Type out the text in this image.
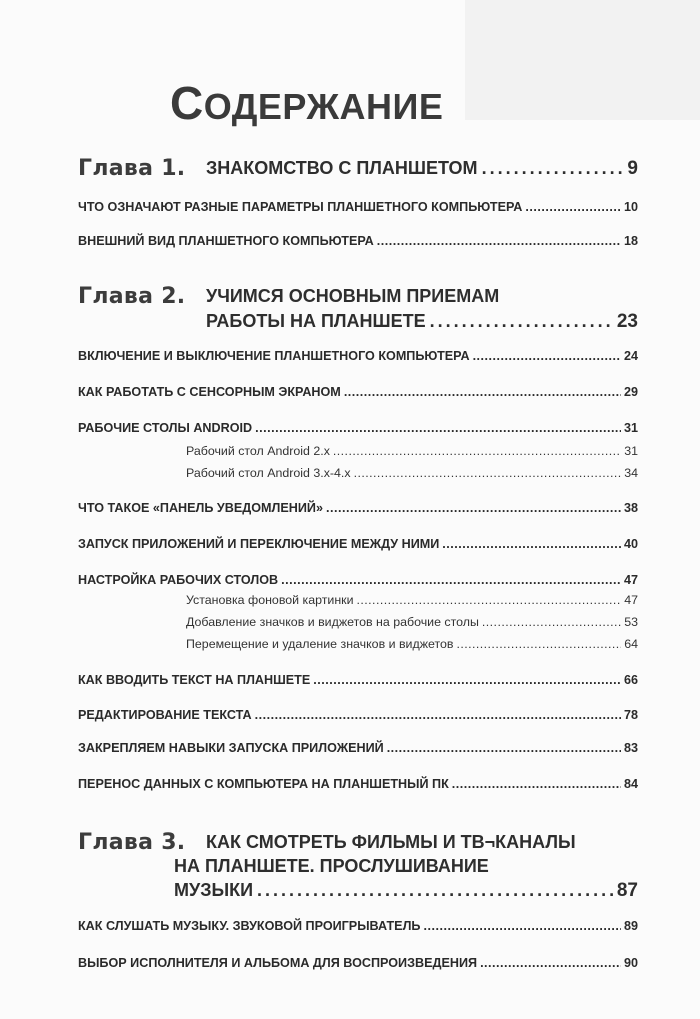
СОДЕРЖАНИЕ
Глава 1. ЗНАКОМСТВО С ПЛАНШЕТОМ . . .	9
ЧТО ОЗНАЧАЮТ РАЗНЫЕ ПАРАМЕТРЫ ПЛАНШЕТНОГО КОМПЬЮТЕРА . . .	10
ВНЕШНИЙ ВИД ПЛАНШЕТНОГО КОМПЬЮТЕРА . . .	18
Глава 2. УЧИМСЯ ОСНОВНЫМ ПРИЕМАМ
РАБОТЫ НА ПЛАНШЕТЕ . . .	23
ВКЛЮЧЕНИЕ И ВЫКЛЮЧЕНИЕ ПЛАНШЕТНОГО КОМПЬЮТЕРА . . .	24
КАК РАБОТАТЬ С СЕНСОРНЫМ ЭКРАНОМ . . .	29
РАБОЧИЕ СТОЛЫ ANDROID . . .	31
Рабочий стол Android 2.x . . .	31
Рабочий стол Android 3.x-4.x . . .	34
ЧТО ТАКОЕ «ПАНЕЛЬ УВЕДОМЛЕНИЙ» . . .	38
ЗАПУСК ПРИЛОЖЕНИЙ И ПЕРЕКЛЮЧЕНИЕ МЕЖДУ НИМИ . . .	40
НАСТРОЙКА РАБОЧИХ СТОЛОВ . . .	47
Установка фоновой картинки . . .	47
Добавление значков и виджетов на рабочие столы . . .	53
Перемещение и удаление значков и виджетов . . .	64
КАК ВВОДИТЬ ТЕКСТ НА ПЛАНШЕТЕ . . .	66
РЕДАКТИРОВАНИЕ ТЕКСТА . . .	78
ЗАКРЕПЛЯЕМ НАВЫКИ ЗАПУСКА ПРИЛОЖЕНИЙ . . .	83
ПЕРЕНОС ДАННЫХ С КОМПЬЮТЕРА НА ПЛАНШЕТНЫЙ ПК . . .	84
Глава 3. КАК СМОТРЕТЬ ФИЛЬМЫ И ТВ¬КАНАЛЫ
НА ПЛАНШЕТЕ. ПРОСЛУШИВАНИЕ
МУЗЫКИ . . .	87
КАК СЛУШАТЬ МУЗЫКУ. ЗВУКОВОЙ ПРОИГРЫВАТЕЛЬ . . .	89
ВЫБОР ИСПОЛНИТЕЛЯ И АЛЬБОМА ДЛЯ ВОСПРОИЗВЕДЕНИЯ . . .	90
